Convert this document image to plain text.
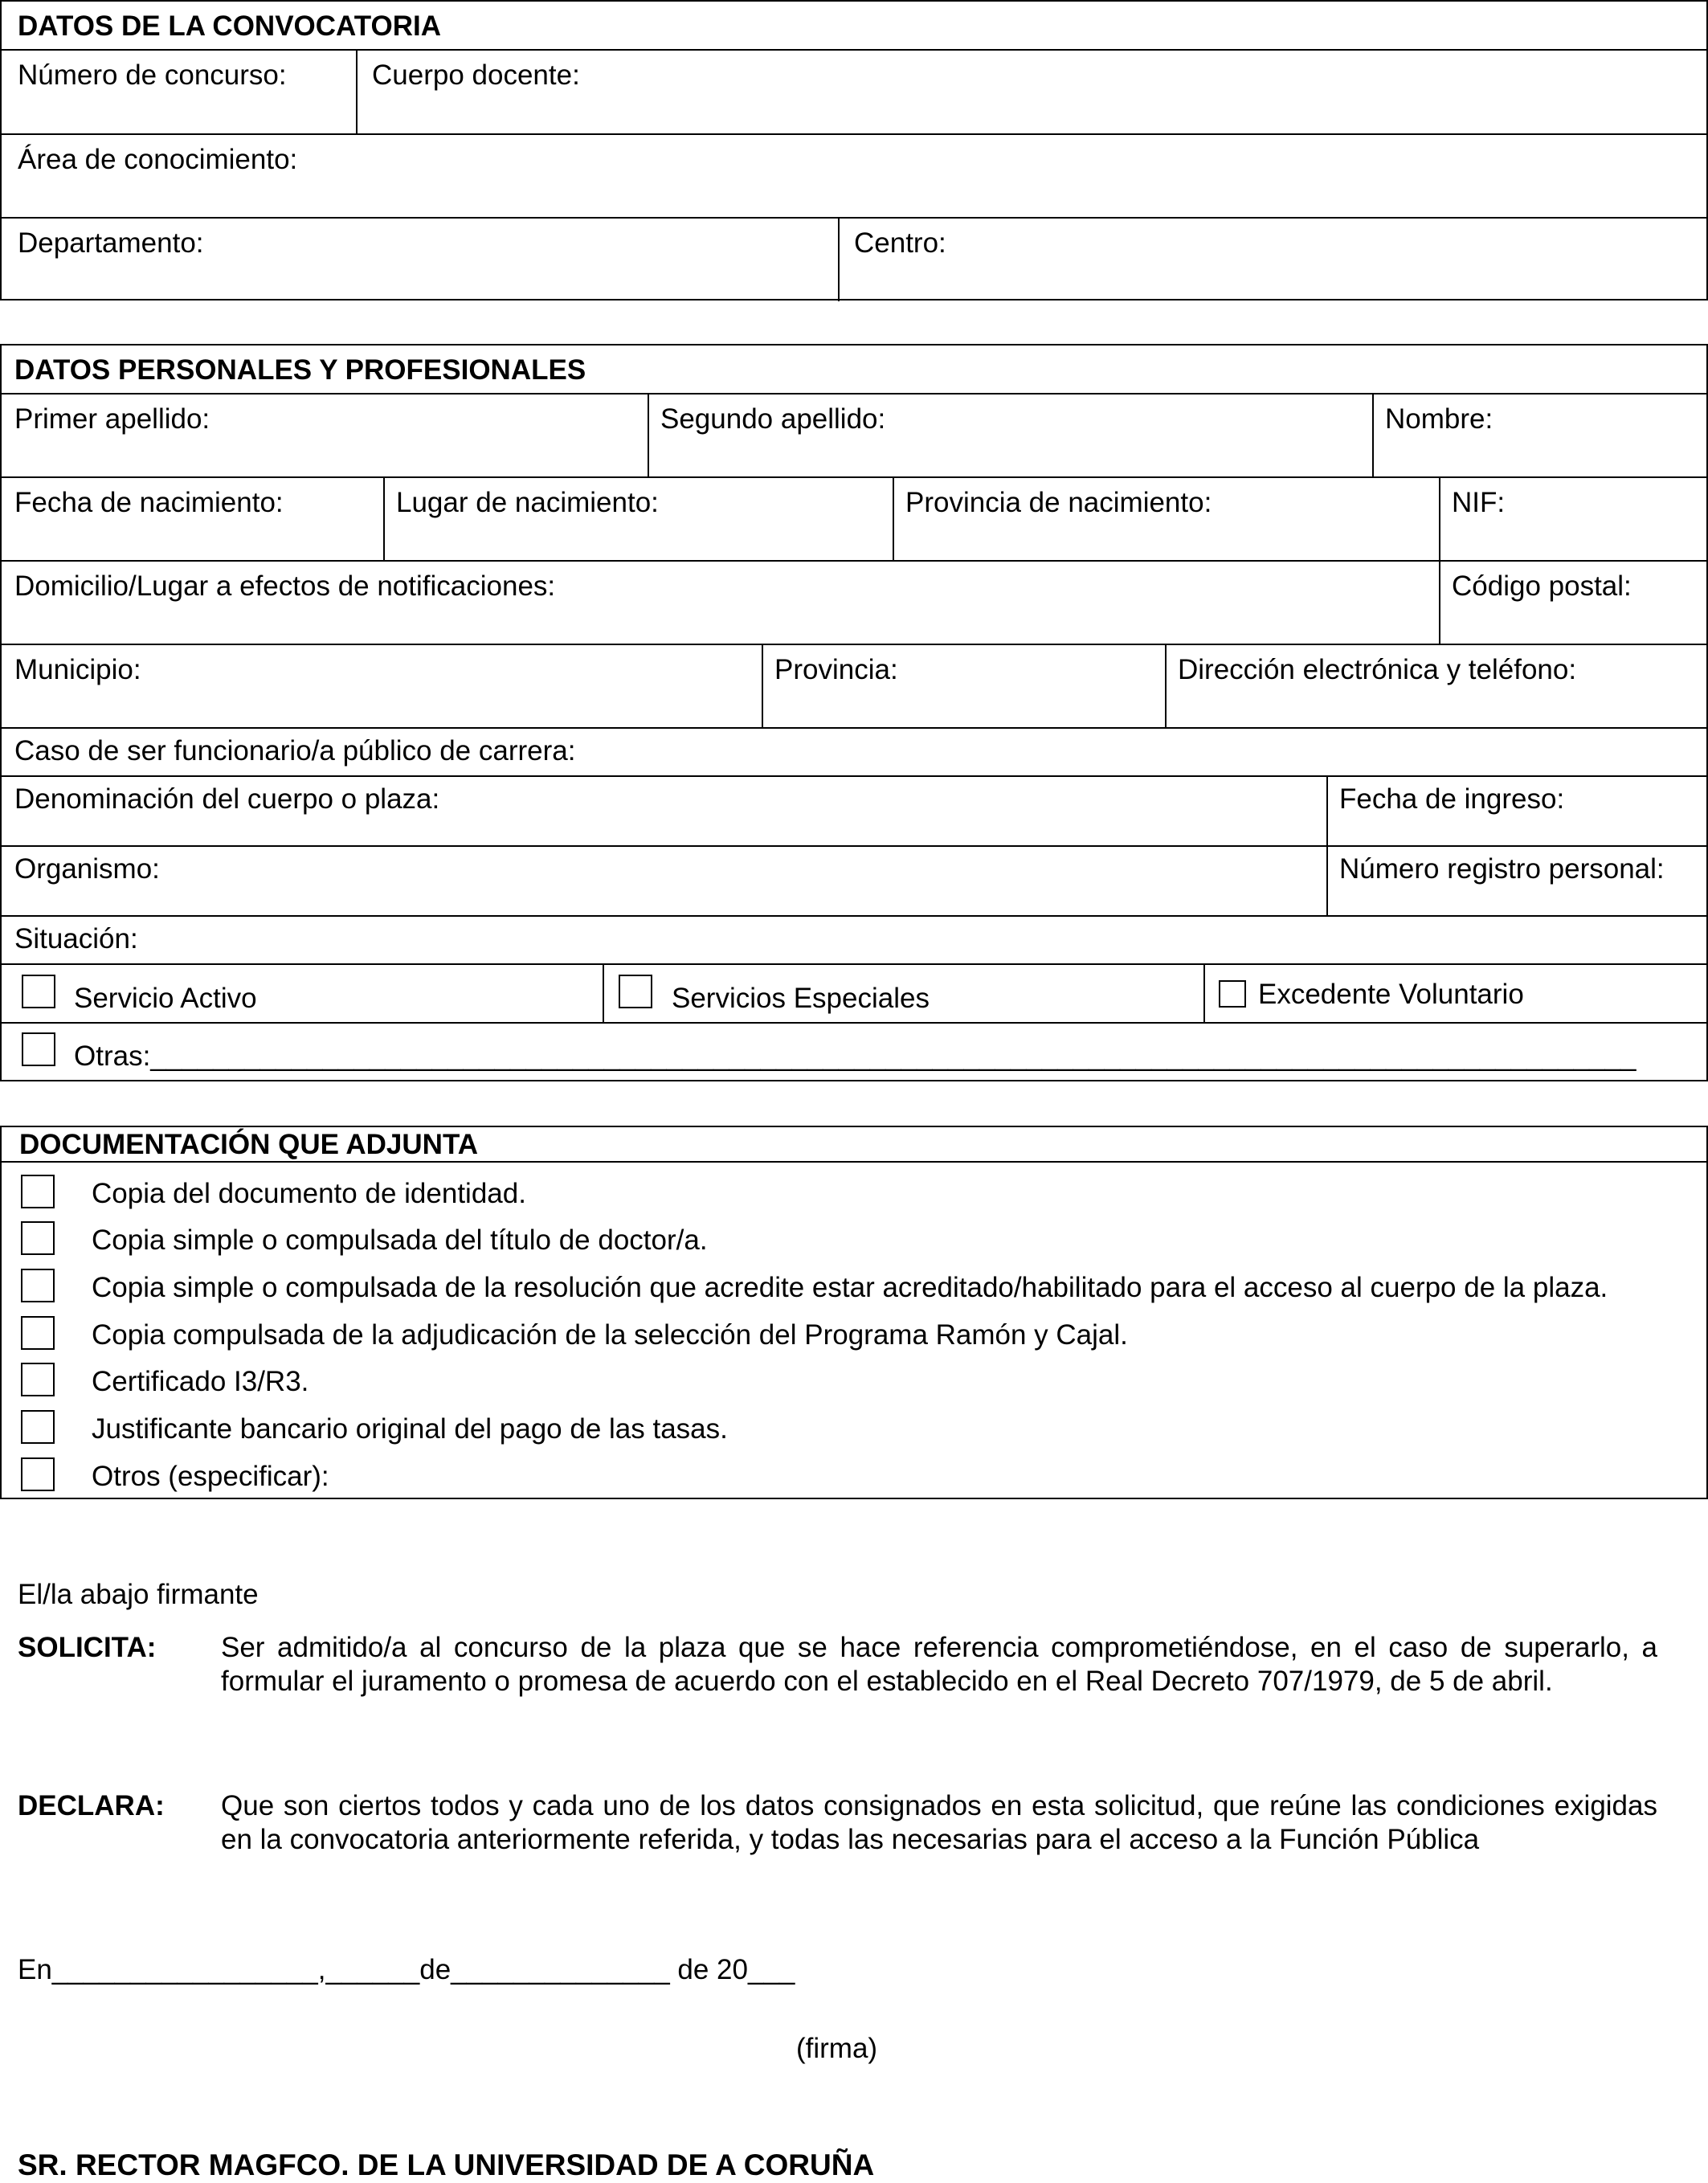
DATOS DE LA CONVOCATORIA
Número de concurso:	Cuerpo docente:
Área de conocimiento:
Departamento:	Centro:
DATOS PERSONALES Y PROFESIONALES
Primer apellido:	Segundo apellido:	Nombre:
Fecha de nacimiento:	Lugar de nacimiento:	Provincia de nacimiento:	NIF:
Domicilio/Lugar a efectos de notificaciones:	Código postal:
Municipio:	Provincia:	Dirección electrónica y teléfono:
Caso de ser funcionario/a público de carrera:
Denominación del cuerpo o plaza:	Fecha de ingreso:
Organismo:	Número registro personal:
Situación:
Servicio Activo	Servicios Especiales	Excedente Voluntario
Otras:_______________________________________________________________________________________________
DOCUMENTACIÓN QUE ADJUNTA
Copia del documento de identidad.
Copia simple o compulsada del título de doctor/a.
Copia simple o compulsada de la resolución que acredite estar acreditado/habilitado para el acceso al cuerpo de la plaza.
Copia compulsada de la adjudicación de la selección del Programa Ramón y Cajal.
Certificado I3/R3.
Justificante bancario original del pago de las tasas.
Otros (especificar):
El/la abajo firmante
SOLICITA: Ser admitido/a al concurso de la plaza que se hace referencia comprometiéndose, en el caso de superarlo, a formular el juramento o promesa de acuerdo con el establecido en el Real Decreto 707/1979, de 5 de abril.
DECLARA: Que son ciertos todos y cada uno de los datos consignados en esta solicitud, que reúne las condiciones exigidas en la convocatoria anteriormente referida, y todas las necesarias para el acceso a la Función Pública
En_________________,______de______________ de 20___
(firma)
SR. RECTOR MAGFCO. DE LA UNIVERSIDAD DE A CORUÑA
